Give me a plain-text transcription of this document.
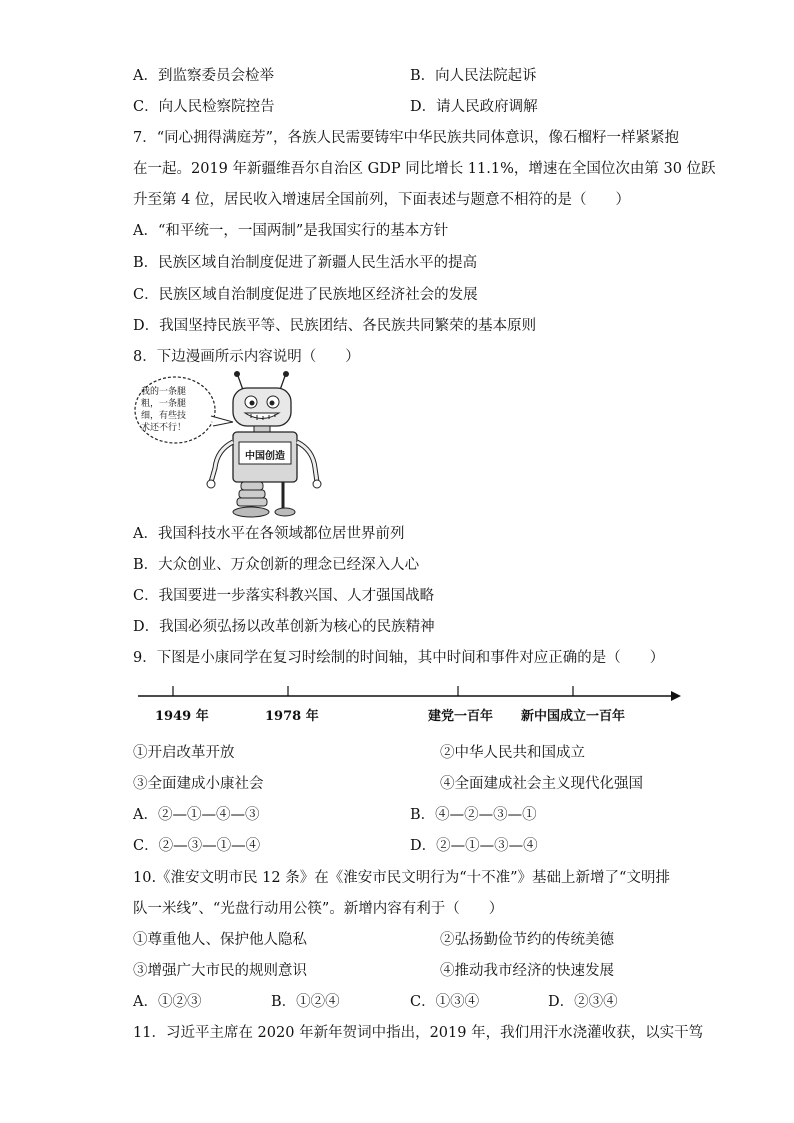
A．到监察委员会检举	B．向人民法院起诉
C．向人民检察院控告	D．请人民政府调解
7．“同心拥得满庭芳”，各族人民需要铸牢中华民族共同体意识，像石榴籽一样紧紧抱
在一起。2019 年新疆维吾尔自治区 GDP 同比增长 11.1%，增速在全国位次由第 30 位跃
升至第 4 位，居民收入增速居全国前列，下面表述与题意不相符的是（　　）
A．“和平统一，一国两制”是我国实行的基本方针
B．民族区域自治制度促进了新疆人民生活水平的提高
C．民族区域自治制度促进了民族地区经济社会的发展
D．我国坚持民族平等、民族团结、各民族共同繁荣的基本原则
8．下边漫画所示内容说明（　　）
我的一条腿
粗，一条腿
细，有些技
术还不行！
中国创造
A．我国科技水平在各领域都位居世界前列
B．大众创业、万众创新的理念已经深入人心
C．我国要进一步落实科教兴国、人才强国战略
D．我国必须弘扬以改革创新为核心的民族精神
9．下图是小康同学在复习时绘制的时间轴，其中时间和事件对应正确的是（　　）
1949 年	1978 年	建党一百年 新中国成立一百年
①开启改革开放	②中华人民共和国成立
③全面建成小康社会	④全面建成社会主义现代化强国
A．②—①—④—③	B．④—②—③—①
C．②—③—①—④	D．②—①—③—④
10.《淮安文明市民 12 条》在《淮安市民文明行为“十不准”》基础上新增了“文明排
队一米线”、“光盘行动用公筷”。新增内容有利于（　　）
①尊重他人、保护他人隐私	②弘扬勤俭节约的传统美德
③增强广大市民的规则意识	④推动我市经济的快速发展
A．①②③	B．①②④	C．①③④	D．②③④
11．习近平主席在 2020 年新年贺词中指出，2019 年，我们用汗水浇灌收获，以实干笃
